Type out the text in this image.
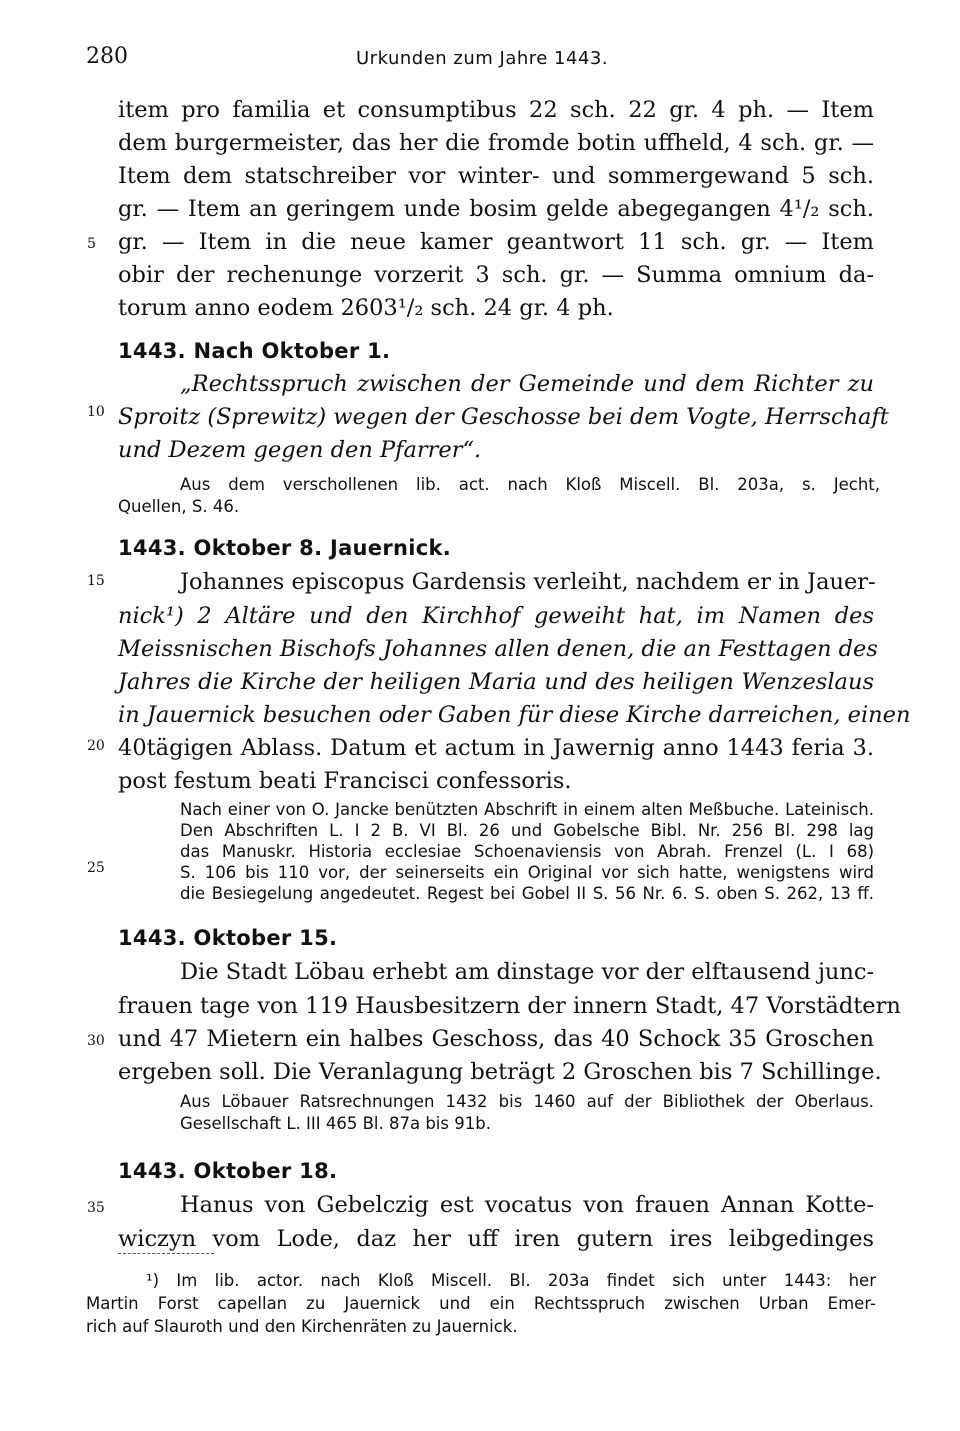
280	Urkunden zum Jahre 1443.
5
10
15
20
25
30
35
item pro familia et consumptibus 22 sch. 22 gr. 4 ph. — Item
dem burgermeister, das her die fromde botin uffheld, 4 sch. gr. —
Item dem statschreiber vor winter- und sommergewand 5 sch.
gr. — Item an geringem unde bosim gelde abegegangen 4¹/₂ sch.
gr. — Item in die neue kamer geantwort 11 sch. gr. — Item
obir der rechenunge vorzerit 3 sch. gr. — Summa omnium da-
torum anno eodem 2603¹/₂ sch. 24 gr. 4 ph.
1443. Nach Oktober 1.
„Rechtsspruch zwischen der Gemeinde und dem Richter zu
Sproitz (Sprewitz) wegen der Geschosse bei dem Vogte, Herrschaft
und Dezem gegen den Pfarrer“.
Aus dem verschollenen lib. act. nach Kloß Miscell. Bl. 203a, s. Jecht,
Quellen, S. 46.
1443. Oktober 8. Jauernick.
Johannes episcopus Gardensis verleiht, nachdem er in Jauer-
nick¹) 2 Altäre und den Kirchhof geweiht hat, im Namen des
Meissnischen Bischofs Johannes allen denen, die an Festtagen des
Jahres die Kirche der heiligen Maria und des heiligen Wenzeslaus
in Jauernick besuchen oder Gaben für diese Kirche darreichen, einen
40tägigen Ablass. Datum et actum in Jawernig anno 1443 feria 3.
post festum beati Francisci confessoris.
Nach einer von O. Jancke benützten Abschrift in einem alten Meßbuche. Lateinisch.
Den Abschriften L. I 2 B. VI Bl. 26 und Gobelsche Bibl. Nr. 256 Bl. 298 lag
das Manuskr. Historia ecclesiae Schoenaviensis von Abrah. Frenzel (L. I 68)
S. 106 bis 110 vor, der seinerseits ein Original vor sich hatte, wenigstens wird
die Besiegelung angedeutet. Regest bei Gobel II S. 56 Nr. 6. S. oben S. 262, 13 ff.
1443. Oktober 15.
Die Stadt Löbau erhebt am dinstage vor der elftausend junc-
frauen tage von 119 Hausbesitzern der innern Stadt, 47 Vorstädtern
und 47 Mietern ein halbes Geschoss, das 40 Schock 35 Groschen
ergeben soll. Die Veranlagung beträgt 2 Groschen bis 7 Schillinge.
Aus Löbauer Ratsrechnungen 1432 bis 1460 auf der Bibliothek der Oberlaus.
Gesellschaft L. III 465 Bl. 87a bis 91b.
1443. Oktober 18.
Hanus von Gebelczig est vocatus von frauen Annan Kotte-
wiczyn vom Lode, daz her uff iren gutern ires leibgedinges
¹) Im lib. actor. nach Kloß Miscell. Bl. 203a findet sich unter 1443: her
Martin Forst capellan zu Jauernick und ein Rechtsspruch zwischen Urban Emer-
rich auf Slauroth und den Kirchenräten zu Jauernick.
